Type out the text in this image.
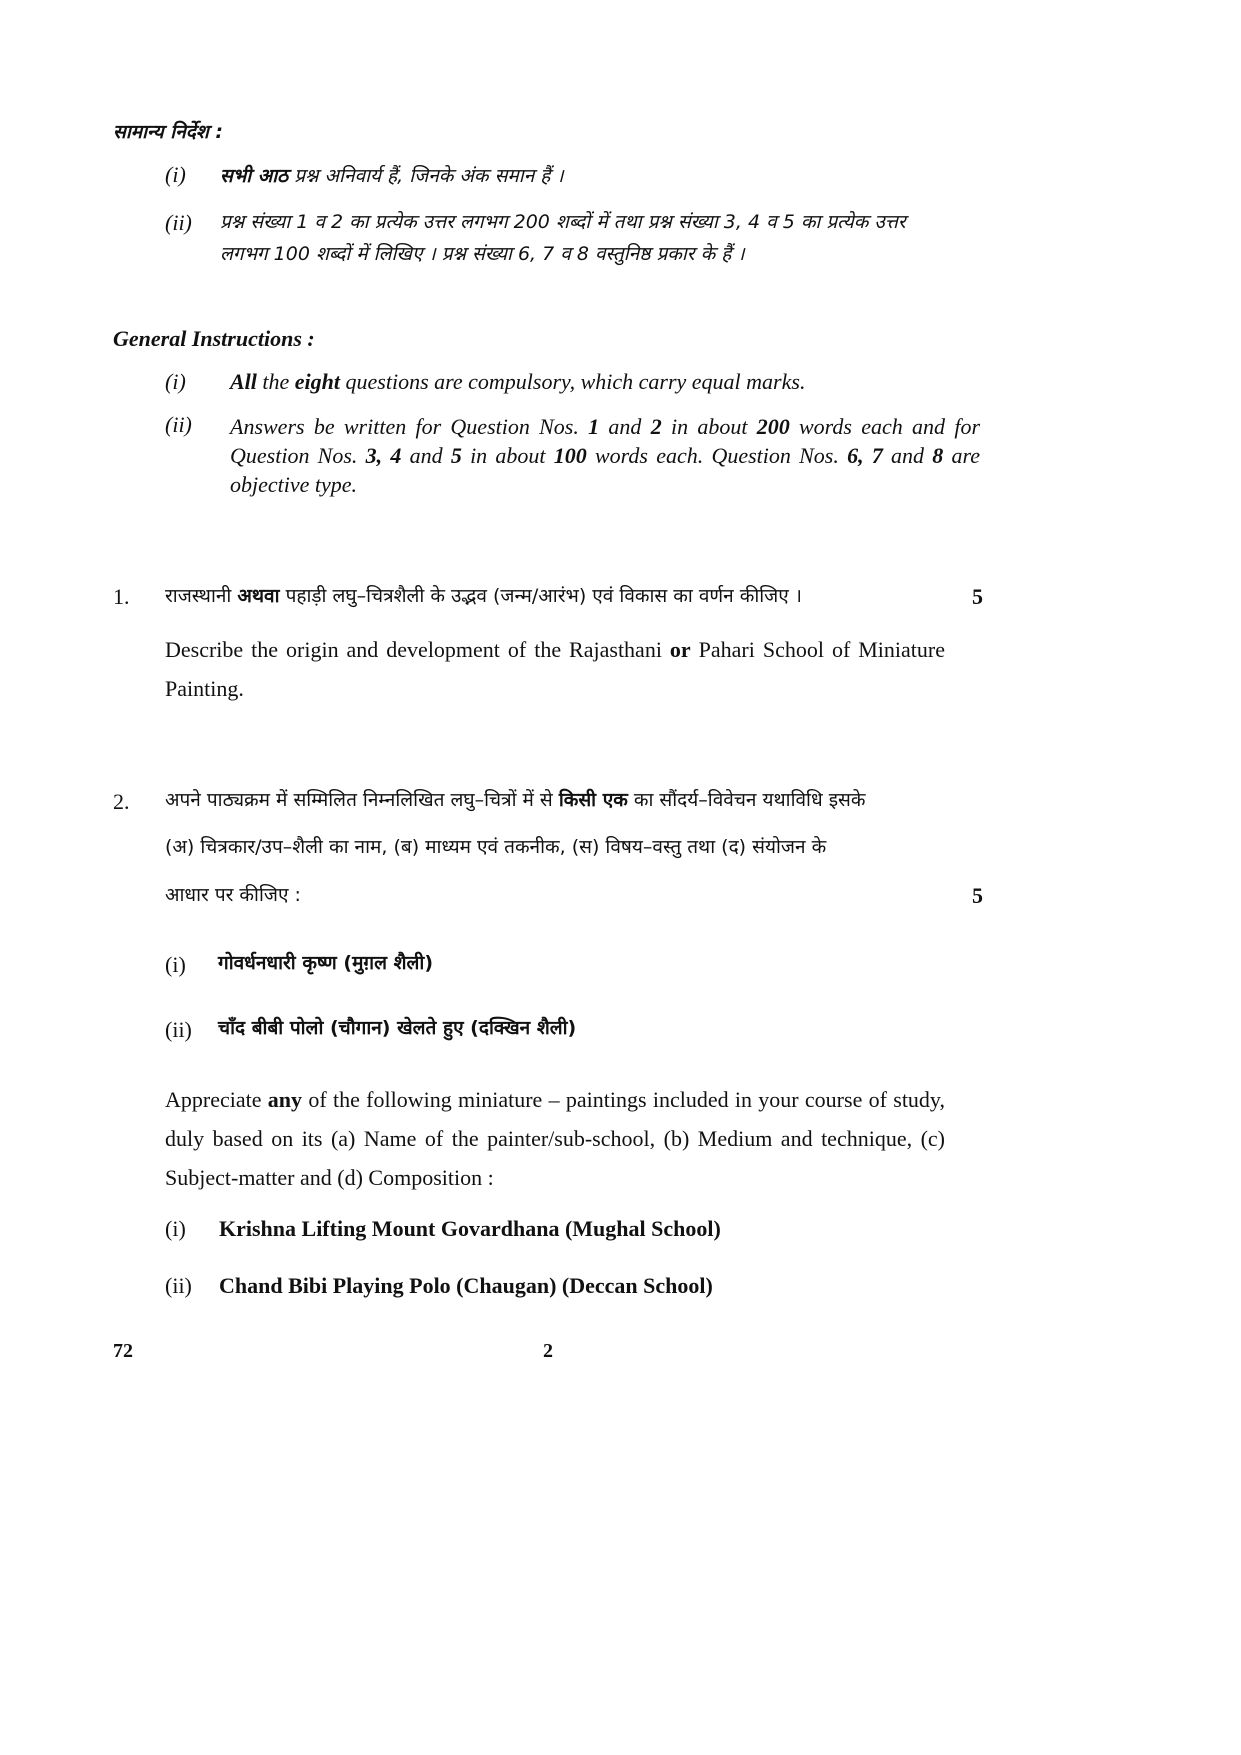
सामान्य निर्देश :
(i) सभी आठ प्रश्न अनिवार्य हैं, जिनके अंक समान हैं ।
(ii) प्रश्न संख्या 1 व 2 का प्रत्येक उत्तर लगभग 200 शब्दों में तथा प्रश्न संख्या 3, 4 व 5 का प्रत्येक उत्तर
लगभग 100 शब्दों में लिखिए । प्रश्न संख्या 6, 7 व 8 वस्तुनिष्ठ प्रकार के हैं ।
General Instructions :
(i) All the eight questions are compulsory, which carry equal marks.
(ii) Answers be written for Question Nos. 1 and 2 in about 200 words each and for Question Nos. 3, 4 and 5 in about 100 words each. Question Nos. 6, 7 and 8 are objective type.
1. राजस्थानी अथवा पहाड़ी लघु–चित्रशैली के उद्भव (जन्म/आरंभ) एवं विकास का वर्णन कीजिए ।	5
Describe the origin and development of the Rajasthani or Pahari School of Miniature Painting.
2. अपने पाठ्यक्रम में सम्मिलित निम्नलिखित लघु–चित्रों में से किसी एक का सौंदर्य–विवेचन यथाविधि इसके
(अ) चित्रकार/उप–शैली का नाम, (ब) माध्यम एवं तकनीक, (स) विषय–वस्तु तथा (द) संयोजन के
आधार पर कीजिए :	5
(i) गोवर्धनधारी कृष्ण (मुग़ल शैली)
(ii) चाँद बीबी पोलो (चौगान) खेलते हुए (दक्खिन शैली)
Appreciate any of the following miniature – paintings included in your course of study, duly based on its (a) Name of the painter/sub-school, (b) Medium and technique, (c) Subject-matter and (d) Composition :
(i) Krishna Lifting Mount Govardhana (Mughal School)
(ii) Chand Bibi Playing Polo (Chaugan) (Deccan School)
72	2
